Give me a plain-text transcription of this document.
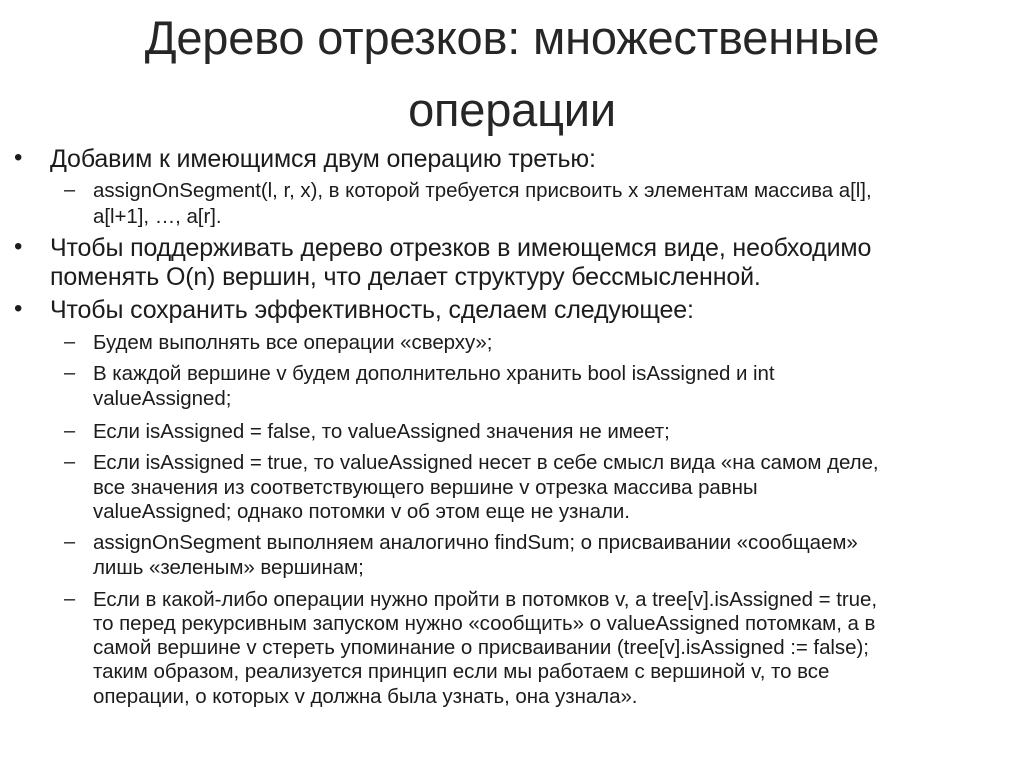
Дерево отрезков: множественные
операции
• Добавим к имеющимся двум операцию третью:
– assignOnSegment(l, r, x), в которой требуется присвоить x элементам массива a[l],
a[l+1], …, a[r].
• Чтобы поддерживать дерево отрезков в имеющемся виде, необходимо
поменять O(n) вершин, что делает структуру бессмысленной.
• Чтобы сохранить эффективность, сделаем следующее:
– Будем выполнять все операции «сверху»;
– В каждой вершине v будем дополнительно хранить bool isAssigned и int
valueAssigned;
– Если isAssigned = false, то valueAssigned значения не имеет;
– Если isAssigned = true, то valueAssigned несет в себе смысл вида «на самом деле,
все значения из соответствующего вершине v отрезка массива равны
valueAssigned; однако потомки v об этом еще не узнали.
– assignOnSegment выполняем аналогично findSum; о присваивании «сообщаем»
лишь «зеленым» вершинам;
– Если в какой-либо операции нужно пройти в потомков v, а tree[v].isAssigned = true,
то перед рекурсивным запуском нужно «сообщить» о valueAssigned потомкам, а в
самой вершине v стереть упоминание о присваивании (tree[v].isAssigned := false);
таким образом, реализуется принцип если мы работаем с вершиной v, то все
операции, о которых v должна была узнать, она узнала».
